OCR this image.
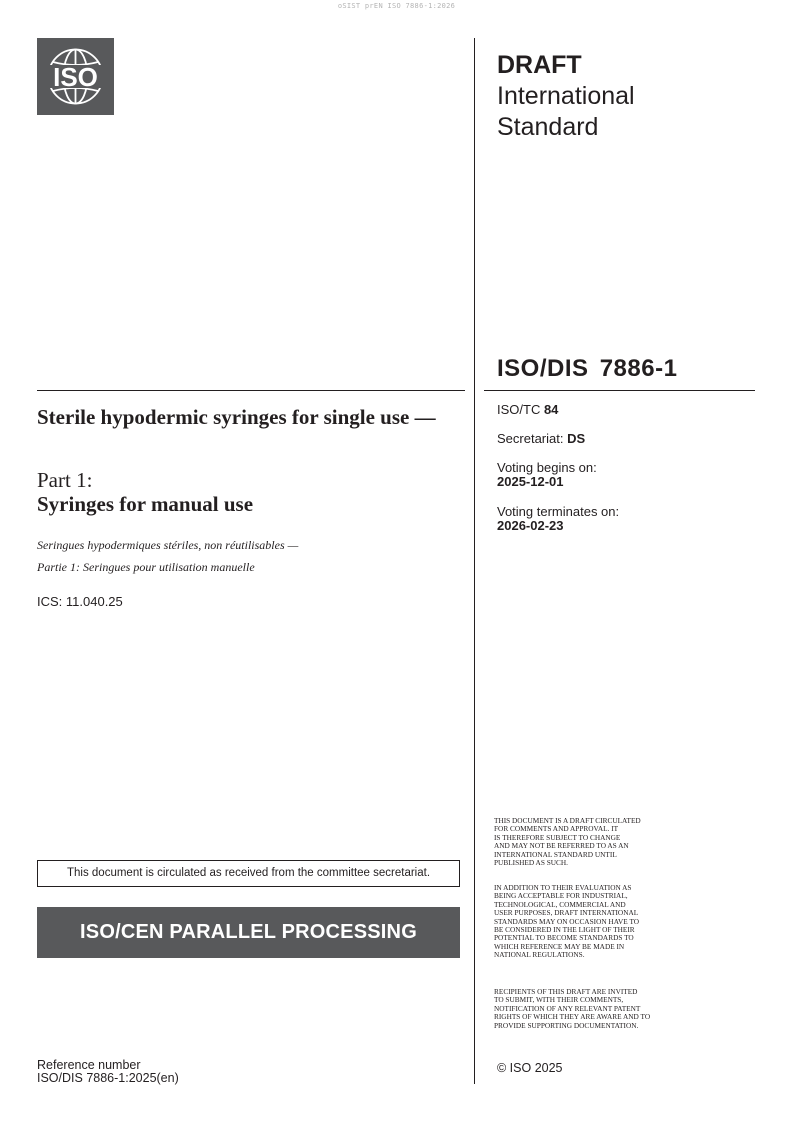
oSIST prEN ISO 7886-1:2026
ISO	DRAFT
International
Standard
ISO/DIS 7886-1
ISO/TC 84
Secretariat: DS
Voting begins on:
2025-12-01
Voting terminates on:
2026-02-23
Sterile hypodermic syringes for single use —
Part 1:
Syringes for manual use
Seringues hypodermiques stériles, non réutilisables —
Partie 1: Seringues pour utilisation manuelle
ICS: 11.040.25
This document is circulated as received from the committee secretariat.
ISO/CEN PARALLEL PROCESSING
Reference number
ISO/DIS 7886-1:2025(en)
THIS DOCUMENT IS A DRAFT CIRCULATED
FOR COMMENTS AND APPROVAL. IT
IS THEREFORE SUBJECT TO CHANGE
AND MAY NOT BE REFERRED TO AS AN
INTERNATIONAL STANDARD UNTIL
PUBLISHED AS SUCH.
IN ADDITION TO THEIR EVALUATION AS
BEING ACCEPTABLE FOR INDUSTRIAL,
TECHNOLOGICAL, COMMERCIAL AND
USER PURPOSES, DRAFT INTERNATIONAL
STANDARDS MAY ON OCCASION HAVE TO
BE CONSIDERED IN THE LIGHT OF THEIR
POTENTIAL TO BECOME STANDARDS TO
WHICH REFERENCE MAY BE MADE IN
NATIONAL REGULATIONS.
RECIPIENTS OF THIS DRAFT ARE INVITED
TO SUBMIT, WITH THEIR COMMENTS,
NOTIFICATION OF ANY RELEVANT PATENT
RIGHTS OF WHICH THEY ARE AWARE AND TO
PROVIDE SUPPORTING DOCUMENTATION.
© ISO 2025
